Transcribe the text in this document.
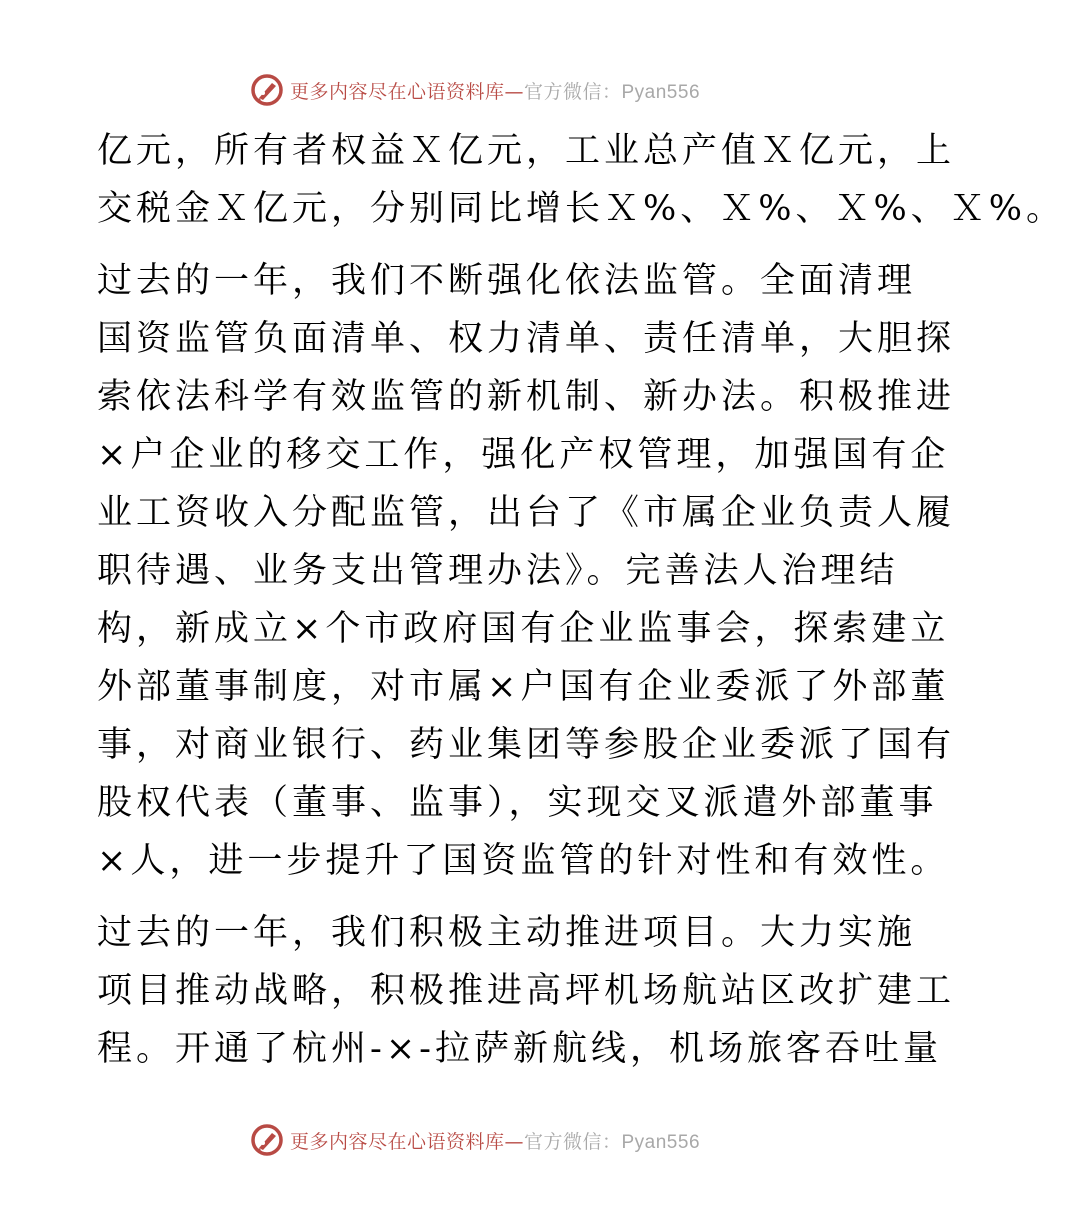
更多内容尽在心语资料库—官方微信：Pyan556
亿元，所有者权益Ｘ亿元，工业总产值Ｘ亿元，上
交税金Ｘ亿元，分别同比增长Ｘ%、Ｘ%、Ｘ%、Ｘ%。
过去的一年，我们不断强化依法监管。全面清理
国资监管负面清单、权力清单、责任清单，大胆探
索依法科学有效监管的新机制、新办法。积极推进
×户企业的移交工作，强化产权管理，加强国有企
业工资收入分配监管，出台了《市属企业负责人履
职待遇、业务支出管理办法》。完善法人治理结
构，新成立×个市政府国有企业监事会，探索建立
外部董事制度，对市属×户国有企业委派了外部董
事，对商业银行、药业集团等参股企业委派了国有
股权代表（董事、监事），实现交叉派遣外部董事
×人，进一步提升了国资监管的针对性和有效性。
过去的一年，我们积极主动推进项目。大力实施
项目推动战略，积极推进高坪机场航站区改扩建工
程。开通了杭州-×-拉萨新航线，机场旅客吞吐量
更多内容尽在心语资料库—官方微信：Pyan556
